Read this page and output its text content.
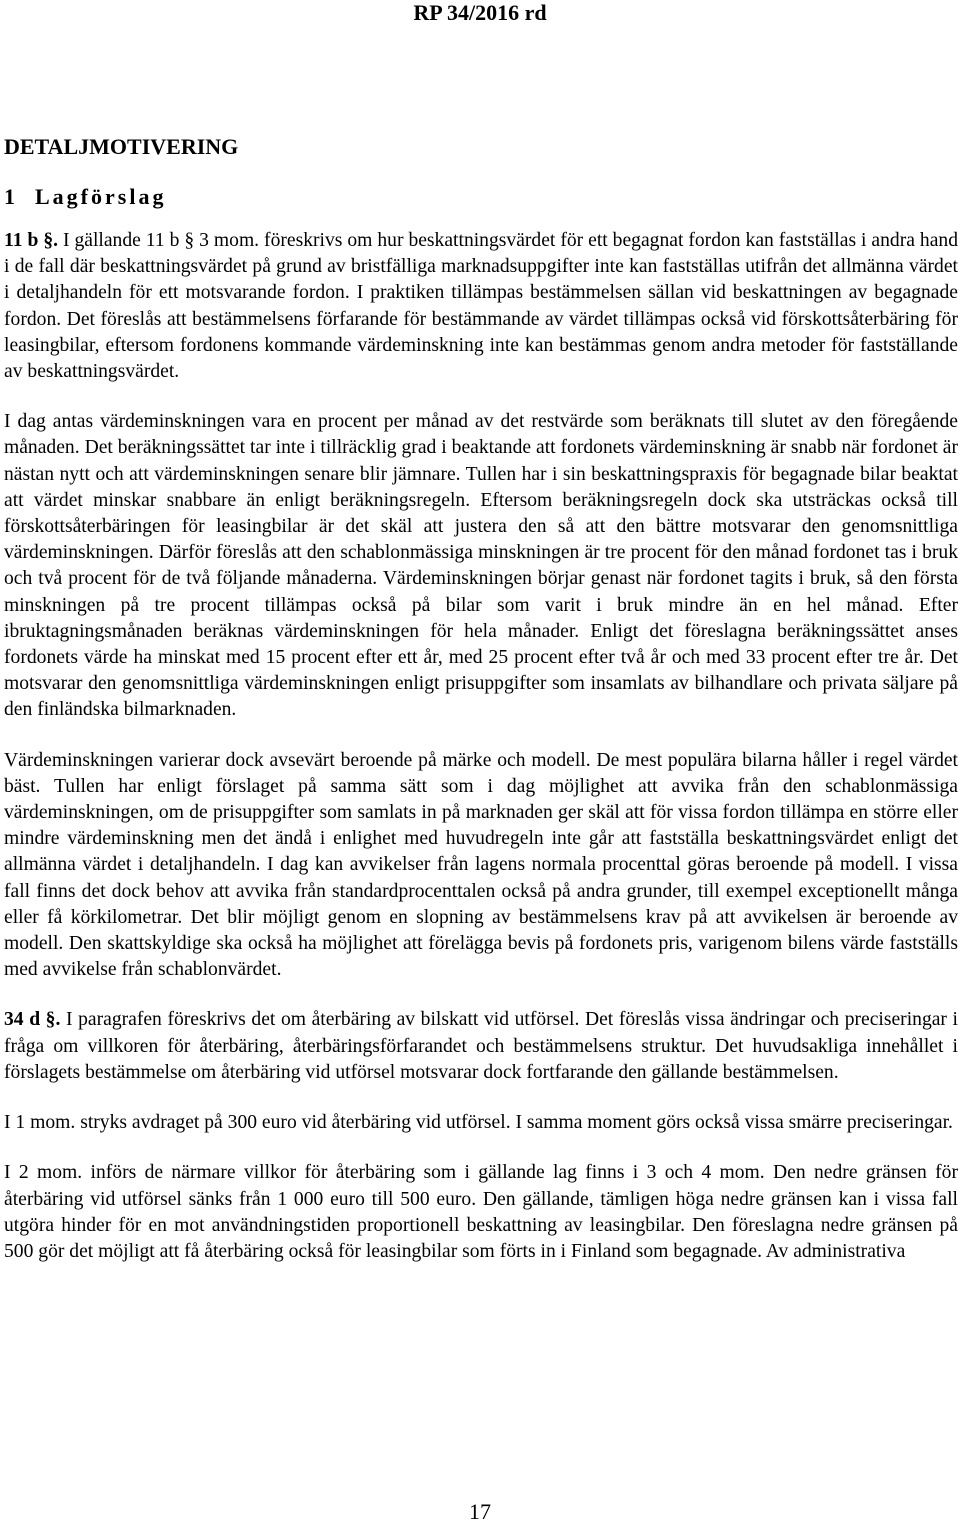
RP 34/2016 rd
DETALJMOTIVERING
1 Lagförslag

11 b §. I gällande 11 b § 3 mom. föreskrivs om hur beskattningsvärdet för ett begagnat fordon kan fastställas i andra hand i de fall där beskattningsvärdet på grund av bristfälliga marknadsuppgifter inte kan fastställas utifrån det allmänna värdet i detaljhandeln för ett motsvarande fordon. I praktiken tillämpas bestämmelsen sällan vid beskattningen av begagnade fordon. Det föreslås att bestämmelsens förfarande för bestämmande av värdet tillämpas också vid förskottsåterbäring för leasingbilar, eftersom fordonens kommande värdeminskning inte kan bestämmas genom andra metoder för fastställande av beskattningsvärdet.

I dag antas värdeminskningen vara en procent per månad av det restvärde som beräknats till slutet av den föregående månaden. Det beräkningssättet tar inte i tillräcklig grad i beaktande att fordonets värdeminskning är snabb när fordonet är nästan nytt och att värdeminskningen senare blir jämnare. Tullen har i sin beskattningspraxis för begagnade bilar beaktat att värdet minskar snabbare än enligt beräkningsregeln. Eftersom beräkningsregeln dock ska utsträckas också till förskottsåterbäringen för leasingbilar är det skäl att justera den så att den bättre motsvarar den genomsnittliga värdeminskningen. Därför föreslås att den schablonmässiga minskningen är tre procent för den månad fordonet tas i bruk och två procent för de två följande månaderna. Värdeminskningen börjar genast när fordonet tagits i bruk, så den första minskningen på tre procent tillämpas också på bilar som varit i bruk mindre än en hel månad. Efter ibruktagningsmånaden beräknas värdeminskningen för hela månader. Enligt det föreslagna beräkningssättet anses fordonets värde ha minskat med 15 procent efter ett år, med 25 procent efter två år och med 33 procent efter tre år. Det motsvarar den genomsnittliga värdeminskningen enligt prisuppgifter som insamlats av bilhandlare och privata säljare på den finländska bilmarknaden.

Värdeminskningen varierar dock avsevärt beroende på märke och modell. De mest populära bilarna håller i regel värdet bäst. Tullen har enligt förslaget på samma sätt som i dag möjlighet att avvika från den schablonmässiga värdeminskningen, om de prisuppgifter som samlats in på marknaden ger skäl att för vissa fordon tillämpa en större eller mindre värdeminskning men det ändå i enlighet med huvudregeln inte går att fastställa beskattningsvärdet enligt det allmänna värdet i detaljhandeln. I dag kan avvikelser från lagens normala procenttal göras beroende på modell. I vissa fall finns det dock behov att avvika från standardprocenttalen också på andra grunder, till exempel exceptionellt många eller få körkilometrar. Det blir möjligt genom en slopning av bestämmelsens krav på att avvikelsen är beroende av modell. Den skattskyldige ska också ha möjlighet att förelägga bevis på fordonets pris, varigenom bilens värde fastställs med avvikelse från schablonvärdet.

34 d §. I paragrafen föreskrivs det om återbäring av bilskatt vid utförsel. Det föreslås vissa ändringar och preciseringar i fråga om villkoren för återbäring, återbäringsförfarandet och bestämmelsens struktur. Det huvudsakliga innehållet i förslagets bestämmelse om återbäring vid utförsel motsvarar dock fortfarande den gällande bestämmelsen.

I 1 mom. stryks avdraget på 300 euro vid återbäring vid utförsel. I samma moment görs också vissa smärre preciseringar.

I 2 mom. införs de närmare villkor för återbäring som i gällande lag finns i 3 och 4 mom. Den nedre gränsen för återbäring vid utförsel sänks från 1 000 euro till 500 euro. Den gällande, tämligen höga nedre gränsen kan i vissa fall utgöra hinder för en mot användningstiden proportionell beskattning av leasingbilar. Den föreslagna nedre gränsen på 500 gör det möjligt att få återbäring också för leasingbilar som förts in i Finland som begagnade. Av administrativa

17
